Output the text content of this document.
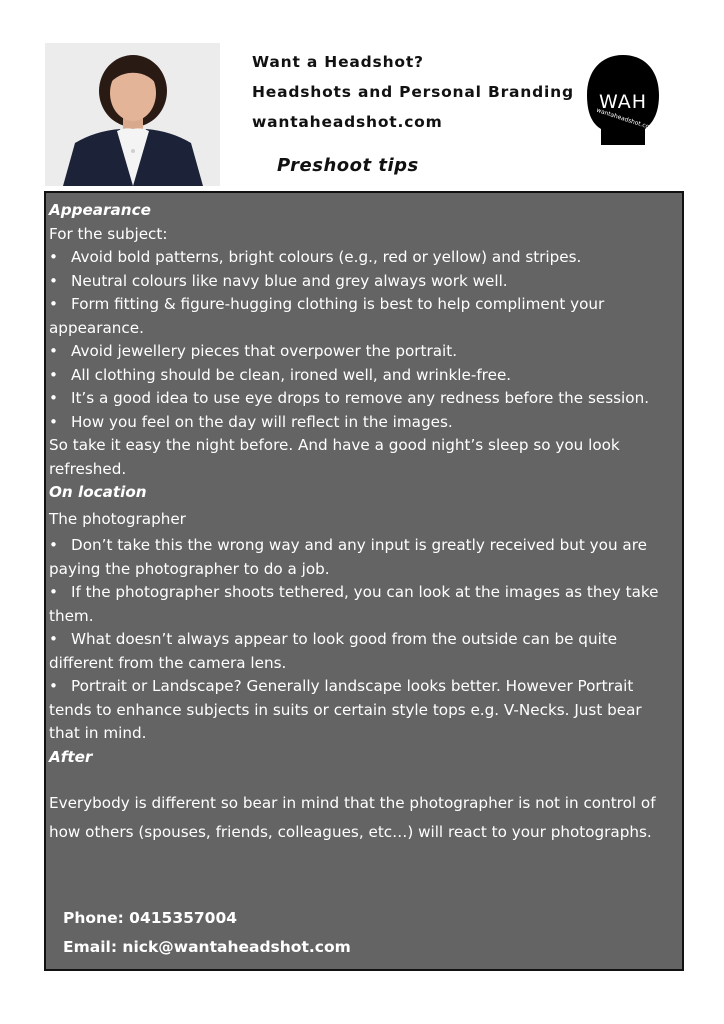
Want a Headshot?
Headshots and Personal Branding
wantaheadshot.com
WAH
wantaheadshot.com
Preshoot tips
Appearance
For the subject:
• Avoid bold patterns, bright colours (e.g., red or yellow) and stripes.
• Neutral colours like navy blue and grey always work well.
• Form fitting & figure-hugging clothing is best to help compliment your appearance.
• Avoid jewellery pieces that overpower the portrait.
• All clothing should be clean, ironed well, and wrinkle-free.
• It’s a good idea to use eye drops to remove any redness before the session.
• How you feel on the day will reflect in the images.
So take it easy the night before. And have a good night’s sleep so you look refreshed.
On location
The photographer
• Don’t take this the wrong way and any input is greatly received but you are paying the photographer to do a job.
• If the photographer shoots tethered, you can look at the images as they take them.
• What doesn’t always appear to look good from the outside can be quite different from the camera lens.
• Portrait or Landscape? Generally landscape looks better. However Portrait tends to enhance subjects in suits or certain style tops e.g. V-Necks. Just bear that in mind.
After
Everybody is different so bear in mind that the photographer is not in control of how others (spouses, friends, colleagues, etc…) will react to your photographs.
Phone: 0415357004
Email: nick@wantaheadshot.com
